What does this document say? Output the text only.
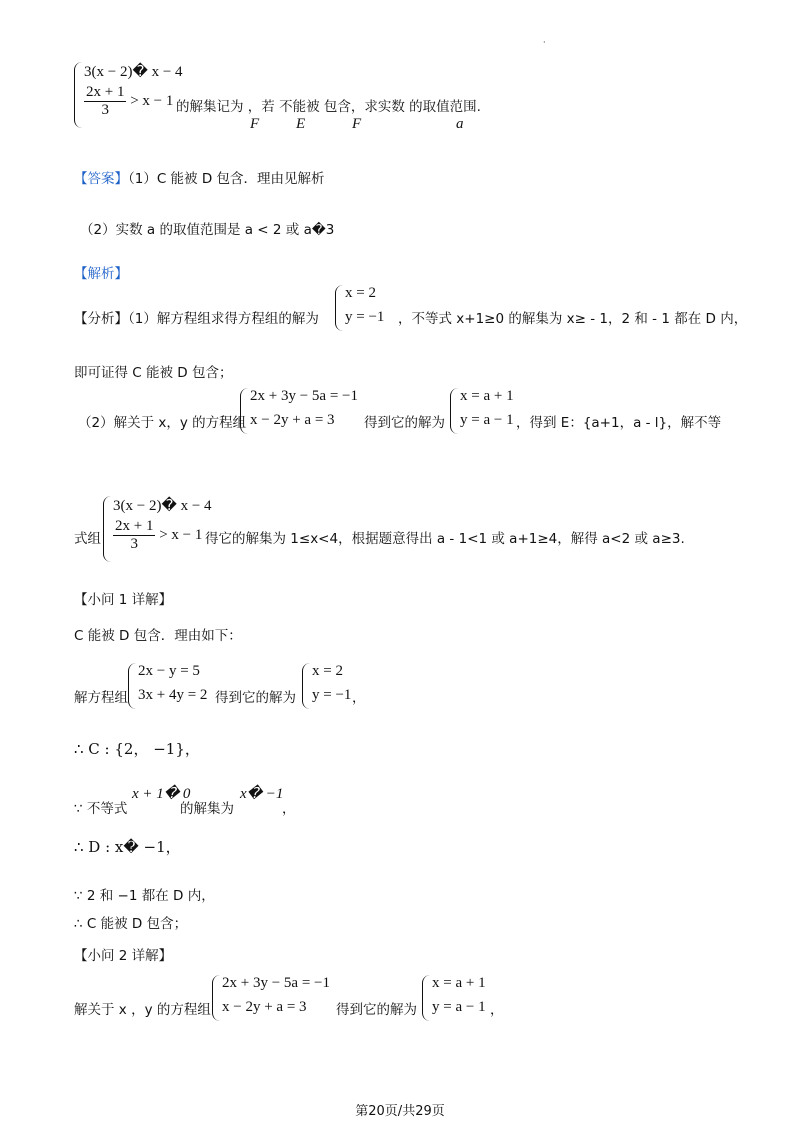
·
3(x − 2)� x − 4
$\frac{2x + 1}{3} > x - 1$ 的解集记为 ，若 不能被 包含，求实数 的取值范围.
F E	F	a
【答案】（1）C 能被 D 包含．理由见解析
（2）实数 a 的取值范围是 a < 2 或 a�3
【解析】
【分析】（1）解方程组求得方程组的解为
x = 2
y = −1 ，不等式 x+1≥0 的解集为 x≥ - 1，2 和 - 1 都在 D 内，
即可证得 C 能被 D 包含；
（2）解关于 x，y 的方程组
2x + 3y − 5a = −1
x − 2y + a = 3 得到它的解为
x = a + 1
y = a − 1 ，得到 E：{a+1，a - l}，解不等
式组
3(x − 2)� x − 4
$\frac{2x + 1}{3} > x - 1$ 得它的解集为 1≤x<4，根据题意得出 a - 1<1 或 a+1≥4，解得 a<2 或 a≥3.
【小问 1 详解】
C 能被 D 包含．理由如下：
解方程组
2x − y = 5
3x + 4y = 2 得到它的解为
x = 2
y = −1 ，
∴ C : {2， −1}，
∵ 不等式
x + 1� 0
的解集为
x� −1
，
∴ D : x� −1，
∵ 2 和 −1 都在 D 内，
∴ C 能被 D 包含；
【小问 2 详解】
解关于 x ，y 的方程组
2x + 3y − 5a = −1
x − 2y + a = 3 得到它的解为
x = a + 1
y = a − 1 ，
第20页/共29页
